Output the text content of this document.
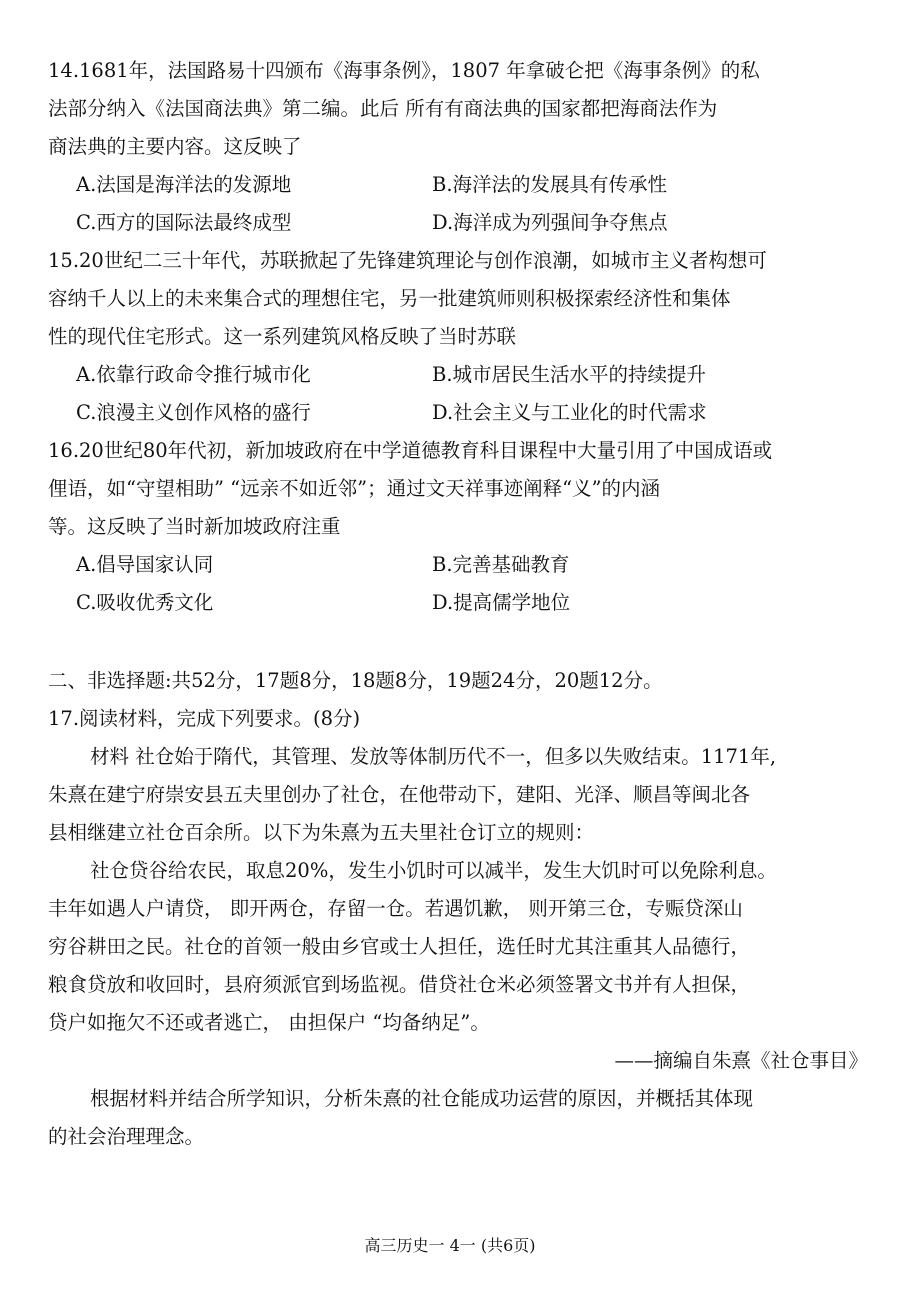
14.1681年，法国路易十四颁布《海事条例》，1807 年拿破仑把《海事条例》的私
法部分纳入《法国商法典》第二编。此后 所有有商法典的国家都把海商法作为
商法典的主要内容。这反映了
A.法国是海洋法的发源地	B.海洋法的发展具有传承性
C.西方的国际法最终成型	D.海洋成为列强间争夺焦点
15.20世纪二三十年代，苏联掀起了先锋建筑理论与创作浪潮，如城市主义者构想可
容纳千人以上的未来集合式的理想住宅，另一批建筑师则积极探索经济性和集体
性的现代住宅形式。这一系列建筑风格反映了当时苏联
A.依靠行政命令推行城市化	B.城市居民生活水平的持续提升
C.浪漫主义创作风格的盛行	D.社会主义与工业化的时代需求
16.20世纪80年代初，新加坡政府在中学道德教育科目课程中大量引用了中国成语或
俚语，如“守望相助” “远亲不如近邻”；通过文天祥事迹阐释“义”的内涵
等。这反映了当时新加坡政府注重
A.倡导国家认同	B.完善基础教育
C.吸收优秀文化	D.提高儒学地位
二、非选择题:共52分，17题8分，18题8分，19题24分，20题12分。
17.阅读材料，完成下列要求。(8分)
材料 社仓始于隋代，其管理、发放等体制历代不一，但多以失败结束。1171年,
朱熹在建宁府崇安县五夫里创办了社仓，在他带动下，建阳、光泽、顺昌等闽北各
县相继建立社仓百余所。以下为朱熹为五夫里社仓订立的规则：
社仓贷谷给农民，取息20%，发生小饥时可以减半，发生大饥时可以免除利息。
丰年如遇人户请贷， 即开两仓，存留一仓。若遇饥歉， 则开第三仓，专赈贷深山
穷谷耕田之民。社仓的首领一般由乡官或士人担任，选任时尤其注重其人品德行，
粮食贷放和收回时，县府须派官到场监视。借贷社仓米必须签署文书并有人担保，
贷户如拖欠不还或者逃亡， 由担保户 “均备纳足”。
——摘编自朱熹《社仓事目》
根据材料并结合所学知识，分析朱熹的社仓能成功运营的原因，并概括其体现
的社会治理理念。
高三历史一 4一 (共6页)
